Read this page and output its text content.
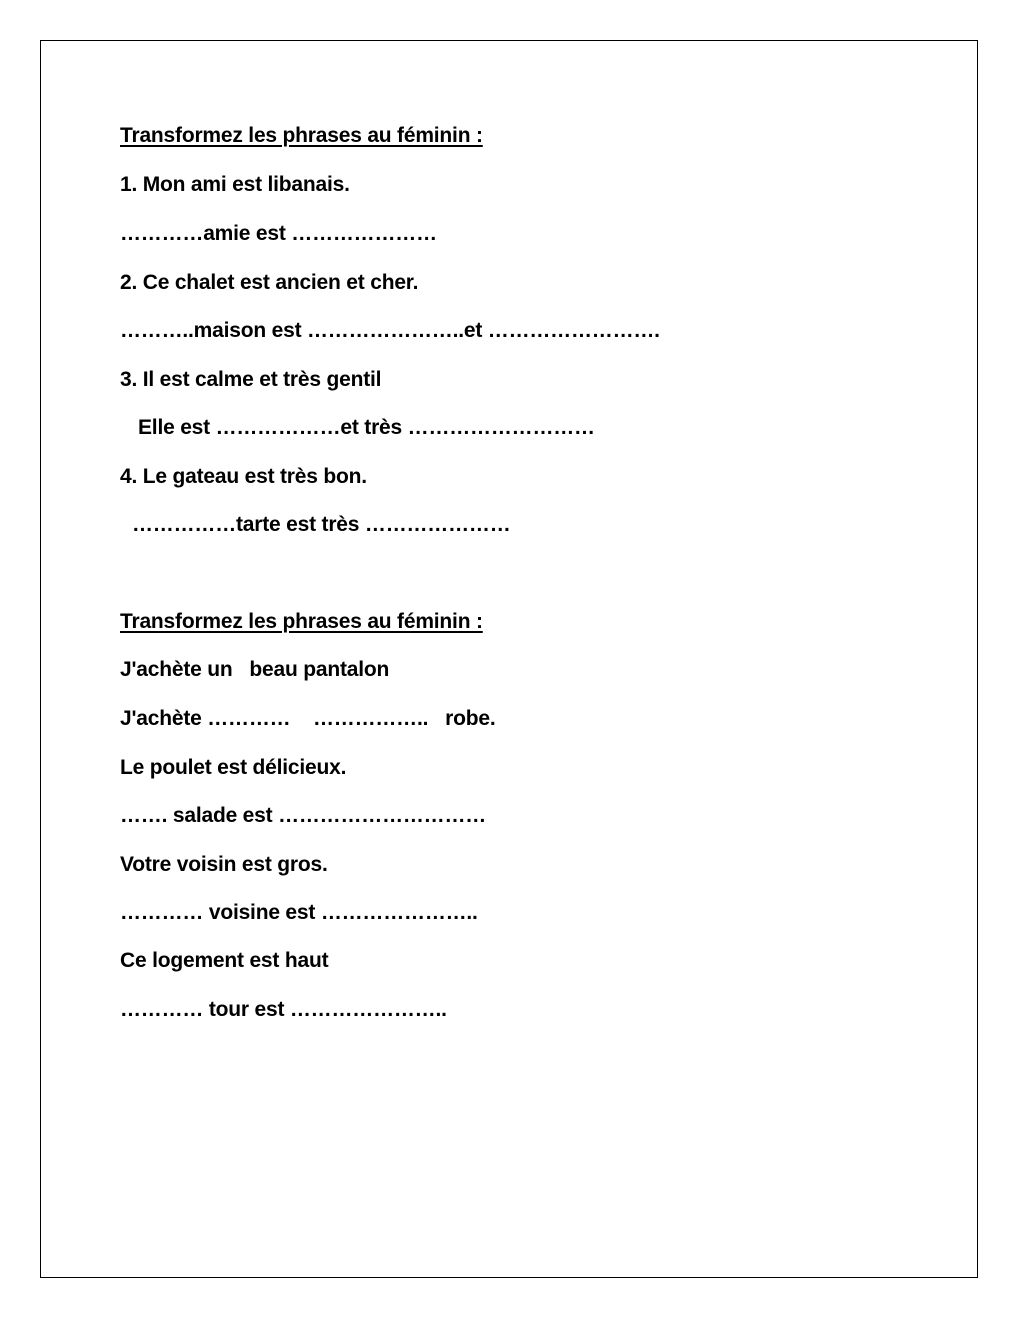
Transformez les phrases au féminin :
1. Mon ami est libanais.
…………amie est …………………
2. Ce chalet est ancien et cher.
………..maison est …………………..et …………………….
3. Il est calme et très gentil
Elle est ………………et très ………………………
4. Le gateau est très bon.
……………tarte est très …………………
Transformez les phrases au féminin :
J'achète un   beau pantalon
J'achète …………    ……………..   robe.
Le poulet est délicieux.
……. salade est …………………………
Votre voisin est gros.
………… voisine est …………………..
Ce logement est haut
………… tour est …………………..
